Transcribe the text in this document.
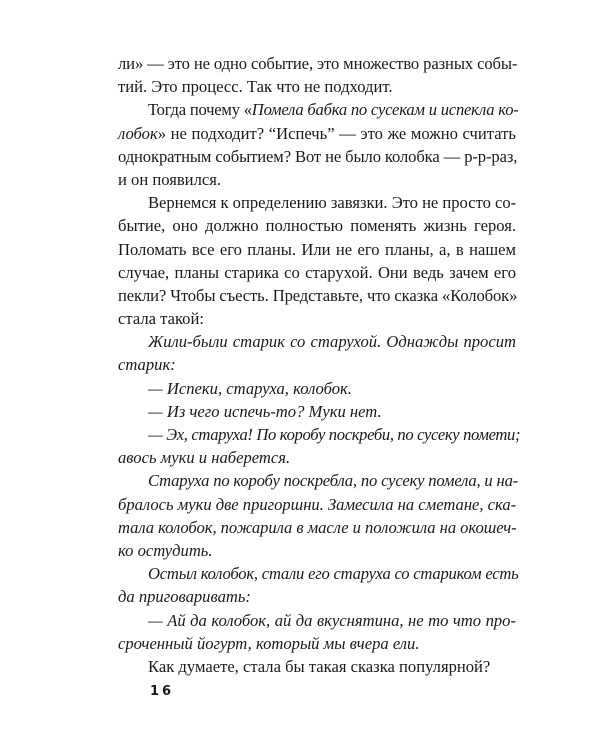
ли» — это не одно событие, это множество разных собы-
тий. Это процесс. Так что не подходит.
Тогда почему «Помела бабка по сусекам и испекла ко-
лобок» не подходит? “Испечь” — это же можно считать
однократным событием? Вот не было колобка — р-р-раз,
и он появился.
Вернемся к определению завязки. Это не просто со-
бытие, оно должно полностью поменять жизнь героя.
Поломать все его планы. Или не его планы, а, в нашем
случае, планы старика со старухой. Они ведь зачем его
пекли? Чтобы съесть. Представьте, что сказка «Колобок»
стала такой:
Жили-были старик со старухой. Однажды просит
старик:
— Испеки, старуха, колобок.
— Из чего испечь-то? Муки нет.
— Эх, старуха! По коробу поскреби, по сусеку помети;
авось муки и наберется.
Старуха по коробу поскребла, по сусеку помела, и на-
бралось муки две пригоршни. Замесила на сметане, ска-
тала колобок, пожарила в масле и положила на окошеч-
ко остудить.
Остыл колобок, стали его старуха со стариком есть
да приговаривать:
— Ай да колобок, ай да вкуснятина, не то что про-
сроченный йогурт, который мы вчера ели.
Как думаете, стала бы такая сказка популярной?
16
